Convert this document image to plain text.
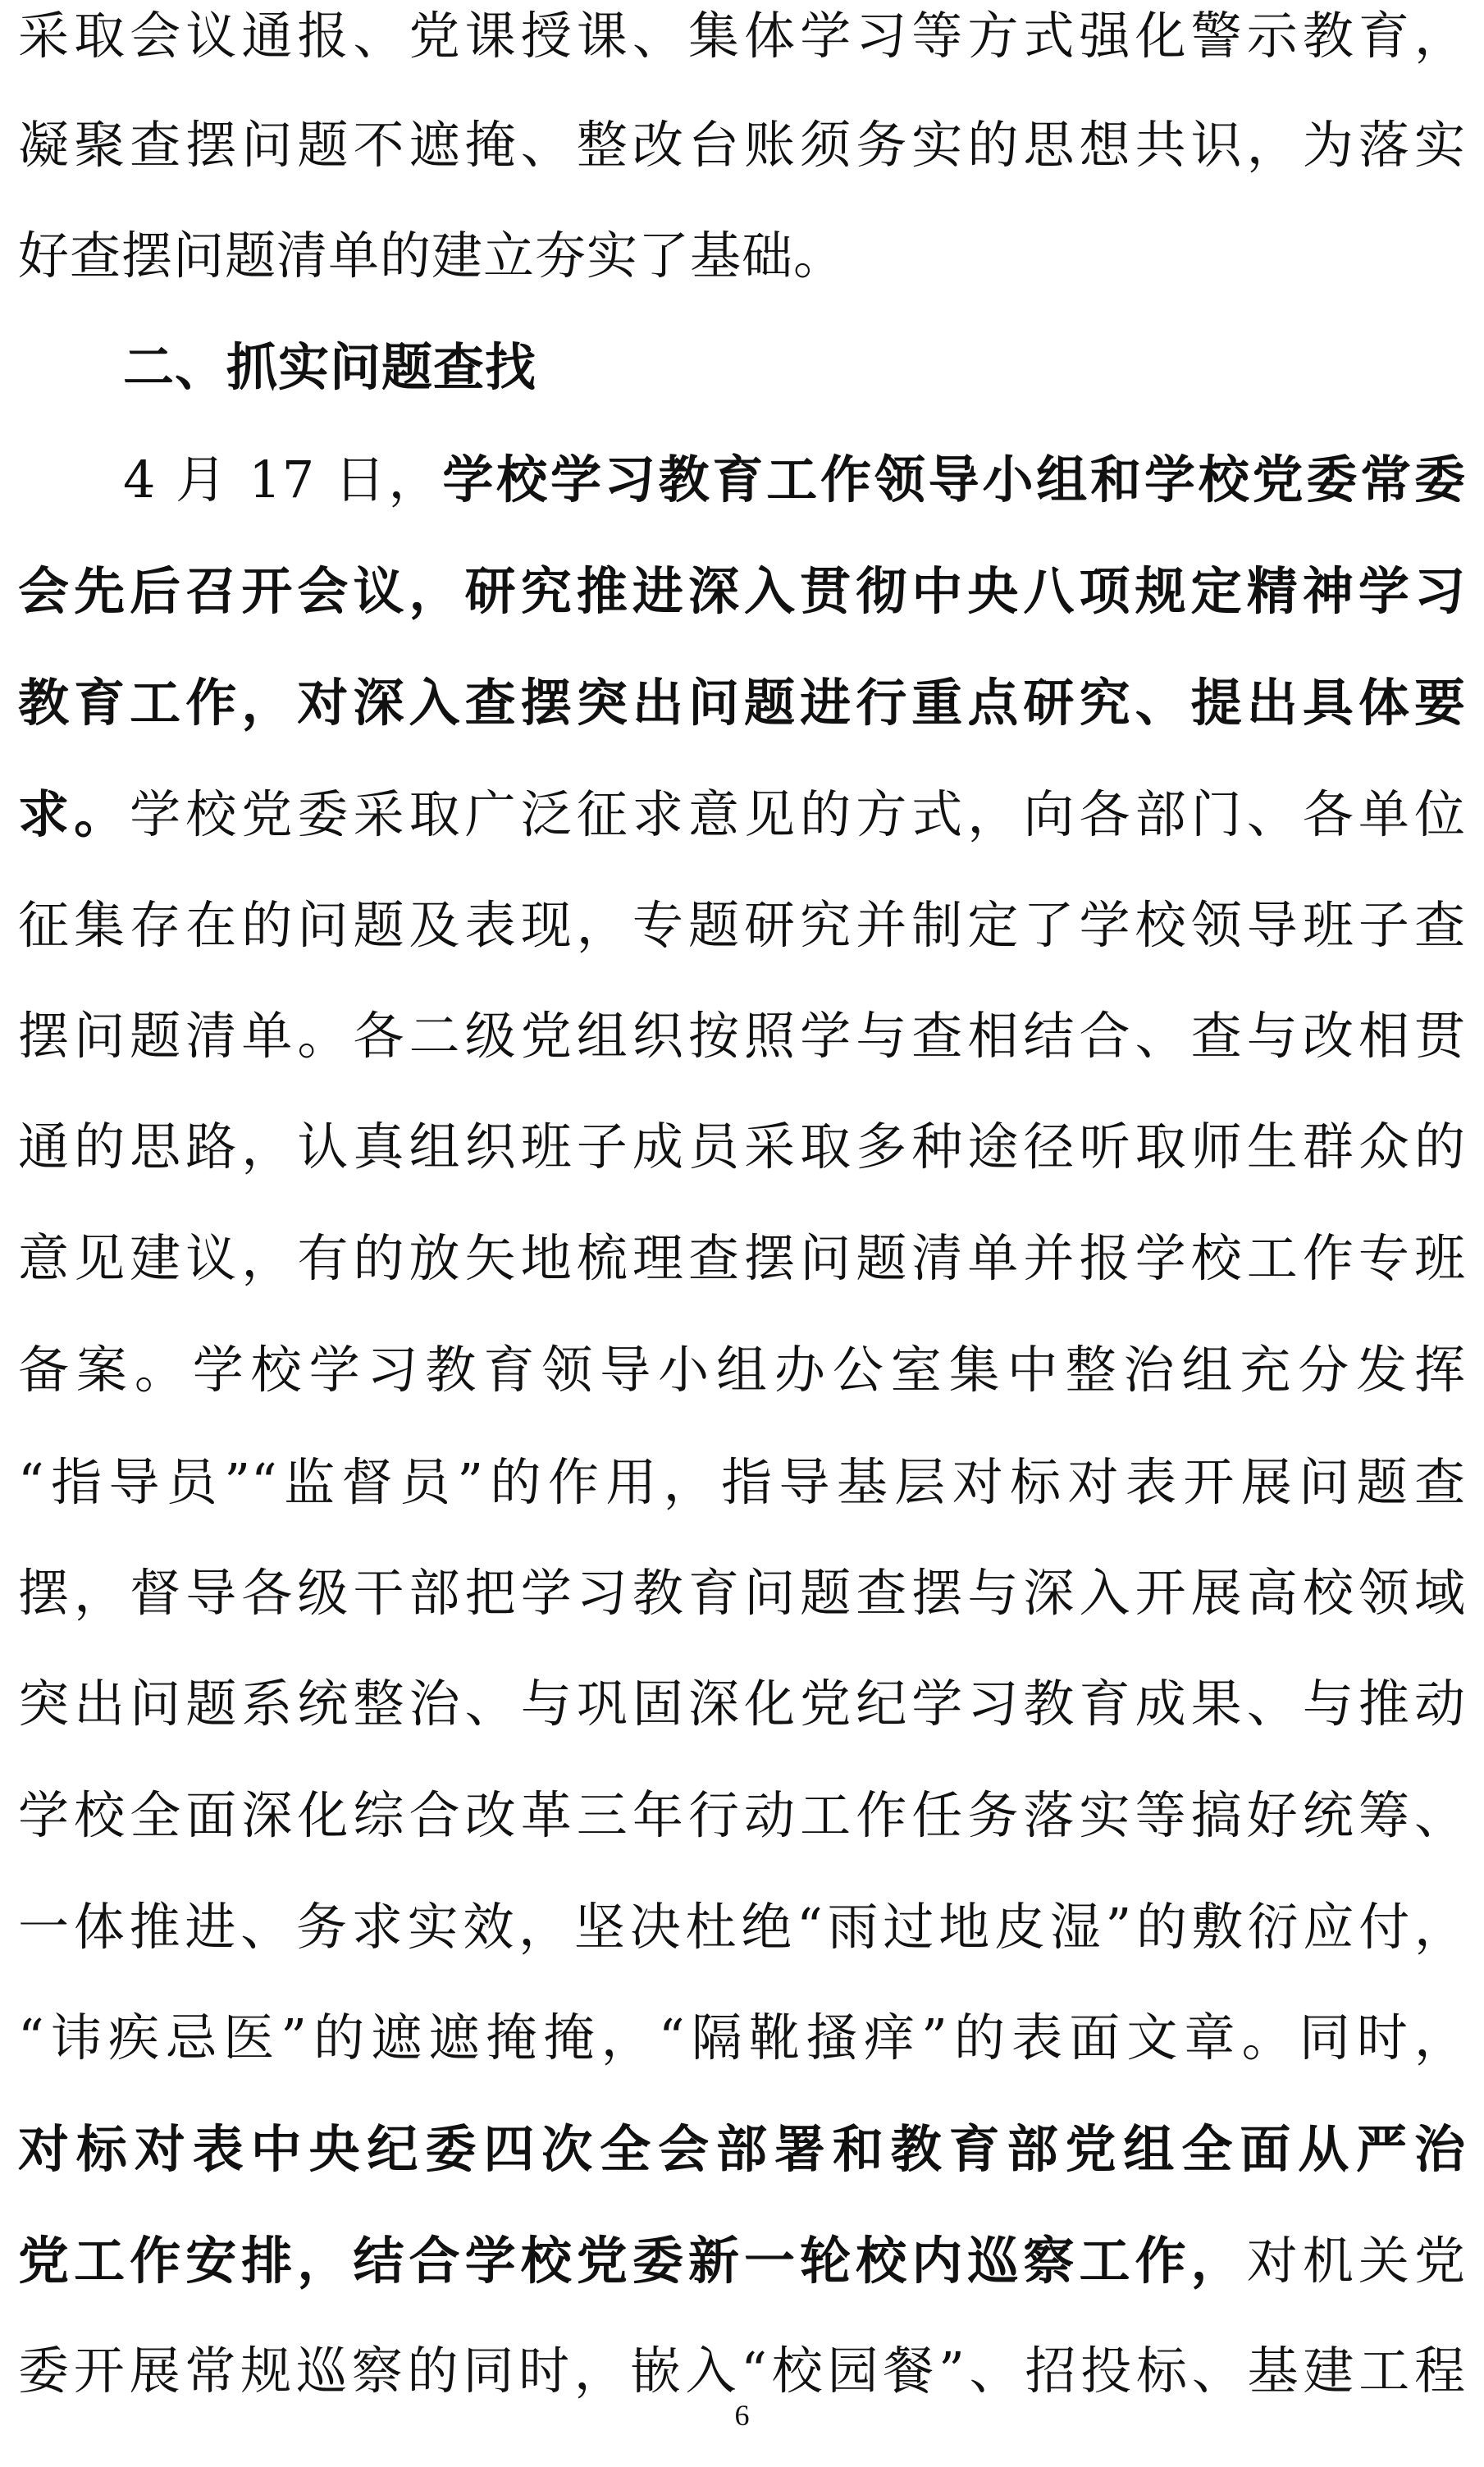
采取会议通报、党课授课、集体学习等方式强化警示教育，
凝聚查摆问题不遮掩、整改台账须务实的思想共识，为落实
好查摆问题清单的建立夯实了基础。
二、抓实问题查找
4 月 17 日，学校学习教育工作领导小组和学校党委常委
会先后召开会议，研究推进深入贯彻中央八项规定精神学习
教育工作，对深入查摆突出问题进行重点研究、提出具体要
求。学校党委采取广泛征求意见的方式，向各部门、各单位
征集存在的问题及表现，专题研究并制定了学校领导班子查
摆问题清单。各二级党组织按照学与查相结合、查与改相贯
通的思路，认真组织班子成员采取多种途径听取师生群众的
意见建议，有的放矢地梳理查摆问题清单并报学校工作专班
备案。学校学习教育领导小组办公室集中整治组充分发挥
“指导员”“监督员”的作用，指导基层对标对表开展问题查
摆，督导各级干部把学习教育问题查摆与深入开展高校领域
突出问题系统整治、与巩固深化党纪学习教育成果、与推动
学校全面深化综合改革三年行动工作任务落实等搞好统筹、
一体推进、务求实效，坚决杜绝“雨过地皮湿”的敷衍应付，
“讳疾忌医”的遮遮掩掩，“隔靴搔痒”的表面文章。同时，
对标对表中央纪委四次全会部署和教育部党组全面从严治
党工作安排，结合学校党委新一轮校内巡察工作，对机关党
委开展常规巡察的同时，嵌入“校园餐”、招投标、基建工程
6
